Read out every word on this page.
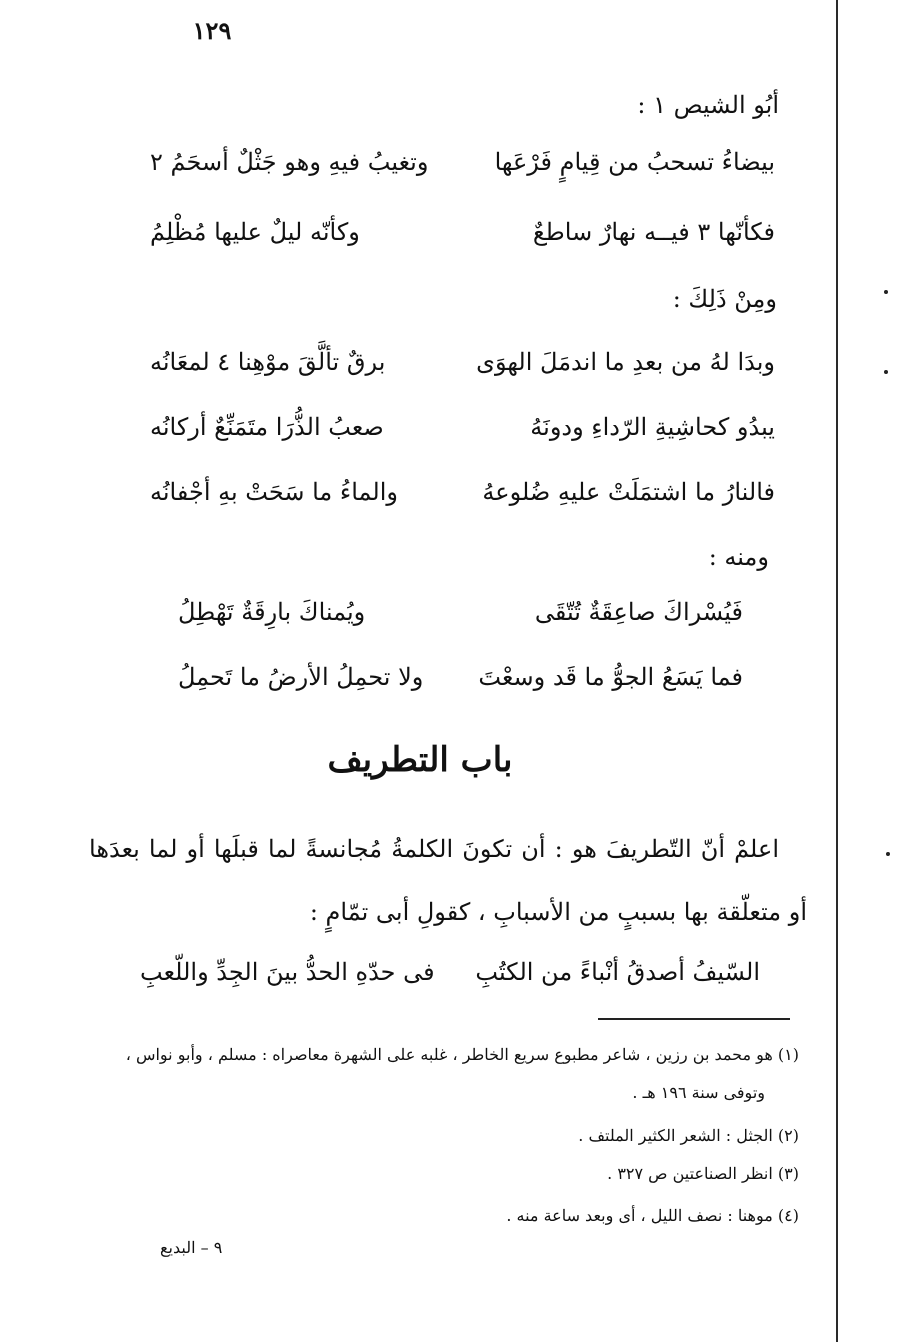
١٢٩
أبُو الشيص ١ :
بيضاءُ تسحبُ من قِيامٍ فَرْعَها
وتغيبُ فيهِ وهو جَثْلٌ أسحَمُ ٢
فكأنّها ٣ فيــه نهارٌ ساطعٌ
وكأنّه ليلٌ عليها مُظْلِمُ
ومِنْ ذَلِكَ :
وبدَا لهُ من بعدِ ما اندمَلَ الهوَى
برقٌ تألَّقَ موْهِنا ٤ لمعَانُه
يبدُو كحاشِيةِ الرّداءِ ودونَهُ
صعبُ الذُّرَا متَمَنِّعٌ أركانُه
فالنارُ ما اشتمَلَتْ عليهِ ضُلوعهُ
والماءُ ما سَحَتْ بهِ أجْفانُه
ومنه :
فَيُسْراكَ صاعِقَةٌ تُتّقَى
ويُمناكَ بارِقَةٌ تَهْطِلُ
فما يَسَعُ الجوُّ ما قَد وسعْتَ
ولا تحمِلُ الأرضُ ما تَحمِلُ
باب التطريف
اعلمْ أنّ التّطريفَ هو : أن تكونَ الكلمةُ مُجانسةً لما قبلَها أو لما بعدَها
أو متعلّقة بها بسببٍ من الأسبابِ ، كقولِ أبى تمّامٍ :
السّيفُ أصدقُ أنْباءً من الكتُبِ
فى حدّهِ الحدُّ بينَ الجِدِّ واللّعبِ
(١) هو محمد بن رزين ، شاعر مطبوع سريع الخاطر ، غلبه على الشهرة معاصراه : مسلم ، وأبو نواس ،
وتوفى سنة ١٩٦ هـ .
(٢) الجثل : الشعر الكثير الملتف .
(٣) انظر الصناعتين ص ٣٢٧ .
(٤) موهنا : نصف الليل ، أى وبعد ساعة منه .
٩ – البديع
